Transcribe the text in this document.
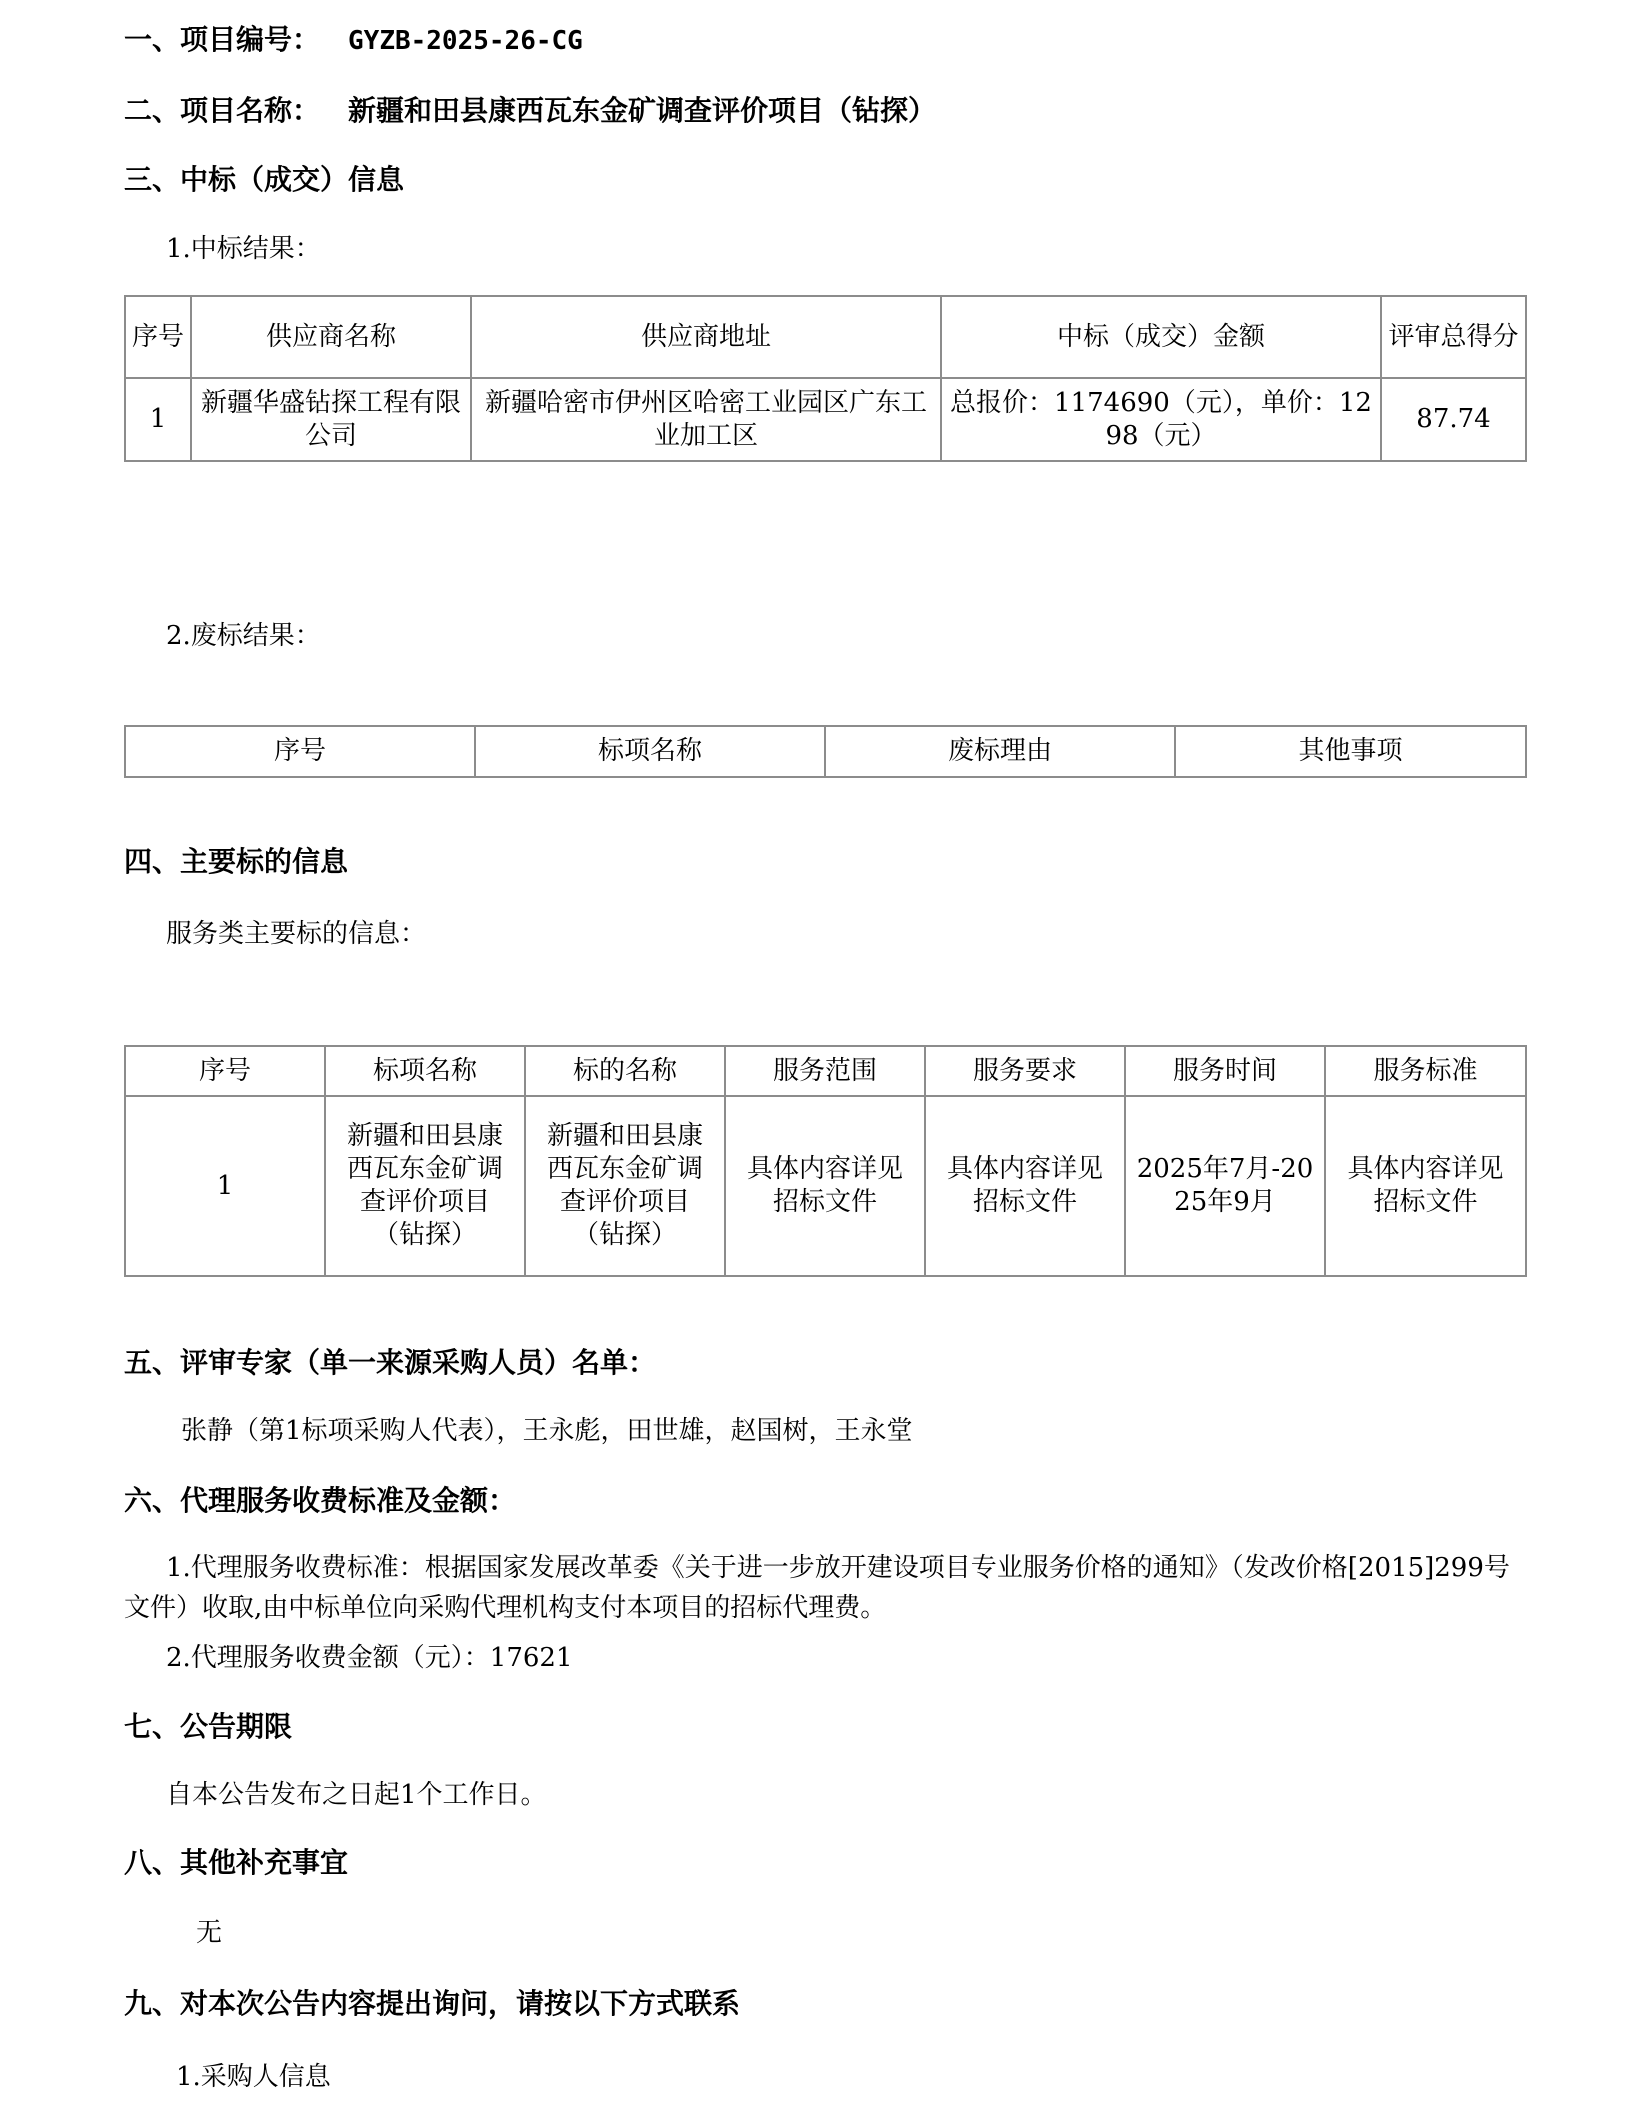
一、项目编号： GYZB-2025-26-CG
二、项目名称： 新疆和田县康西瓦东金矿调查评价项目（钻探）
三、中标（成交）信息
1.中标结果：
序号	供应商名称	供应商地址	中标（成交）金额	评审总得分
1	新疆华盛钻探工程有限公司	新疆哈密市伊州区哈密工业园区广东工业加工区	总报价：1174690（元），单价：1298（元）	87.74
2.废标结果：
序号	标项名称	废标理由	其他事项
四、主要标的信息
服务类主要标的信息：
序号	标项名称	标的名称	服务范围	服务要求	服务时间	服务标准
1	新疆和田县康西瓦东金矿调查评价项目（钻探）	新疆和田县康西瓦东金矿调查评价项目（钻探）	具体内容详见招标文件	具体内容详见招标文件	2025年7月-2025年9月	具体内容详见招标文件
五、评审专家（单一来源采购人员）名单：
张静（第1标项采购人代表），王永彪，田世雄，赵国树，王永堂
六、代理服务收费标准及金额：
1.代理服务收费标准：根据国家发展改革委《关于进一步放开建设项目专业服务价格的通知》（发改价格[2015]299号文件）收取,由中标单位向采购代理机构支付本项目的招标代理费。
2.代理服务收费金额（元）：17621
七、公告期限
自本公告发布之日起1个工作日。
八、其他补充事宜
无
九、对本次公告内容提出询问，请按以下方式联系
1.采购人信息
